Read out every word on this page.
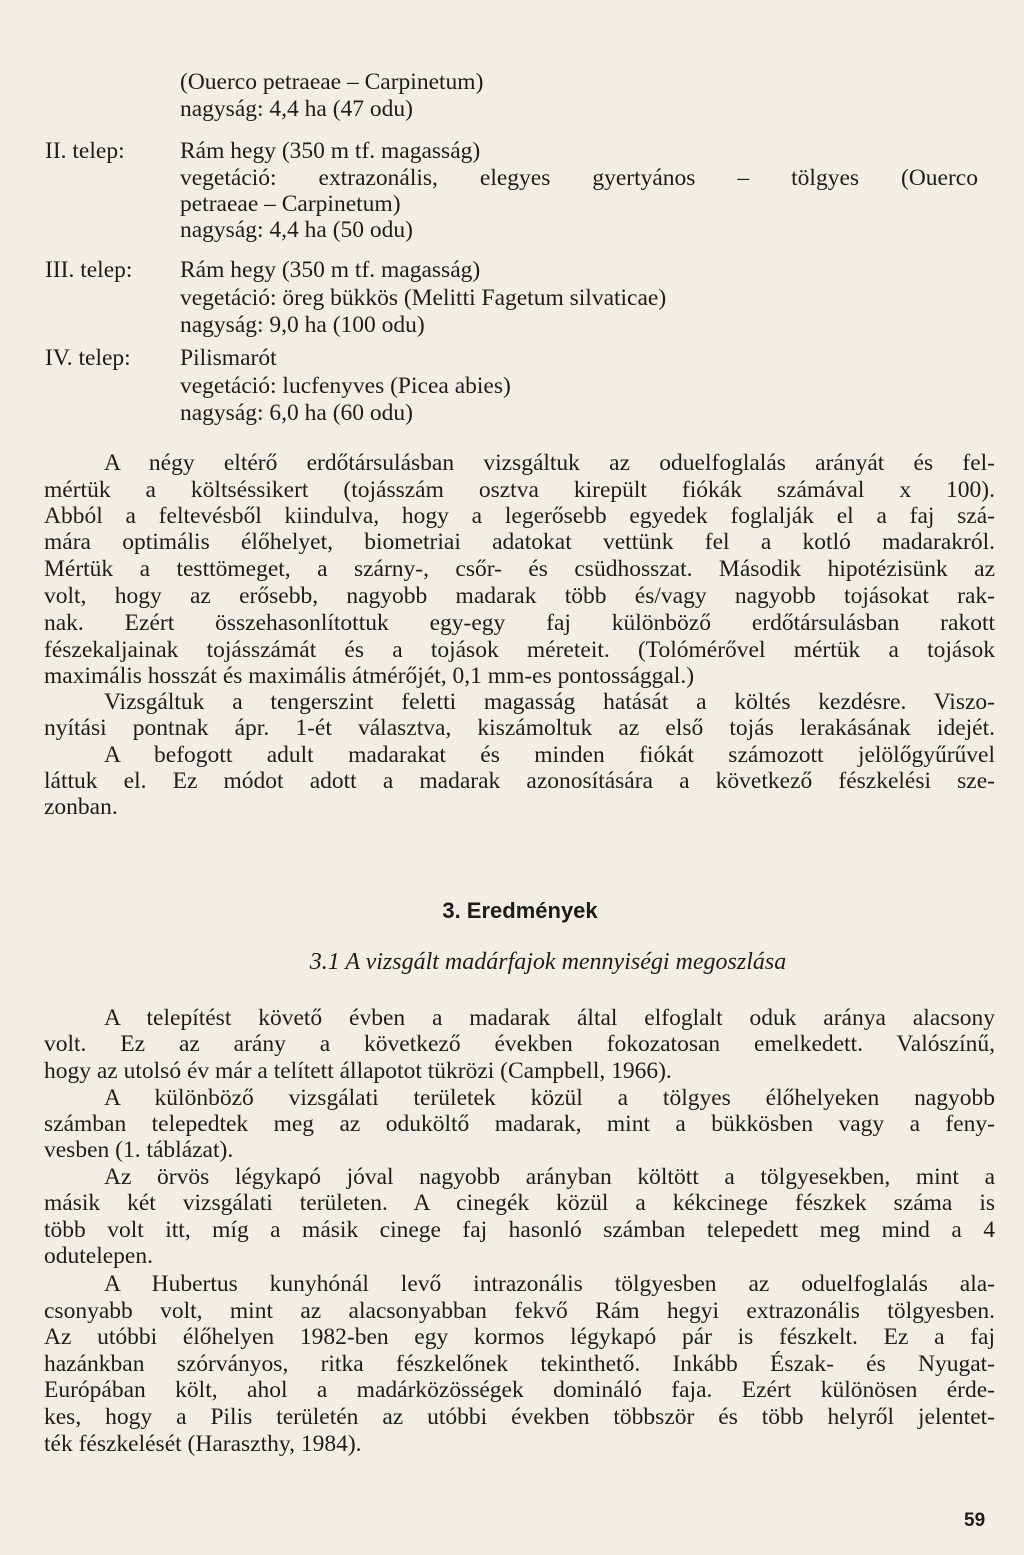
(Ouerco petraeae – Carpinetum)
nagyság: 4,4 ha (47 odu)
II. telep: Rám hegy (350 m tf. magasság)
vegetáció: extrazonális, elegyes gyertyános – tölgyes (Ouerco
petraeae – Carpinetum)
nagyság: 4,4 ha (50 odu)
III. telep: Rám hegy (350 m tf. magasság)
vegetáció: öreg bükkös (Melitti Fagetum silvaticae)
nagyság: 9,0 ha (100 odu)
IV. telep: Pilismarót
vegetáció: lucfenyves (Picea abies)
nagyság: 6,0 ha (60 odu)
A négy eltérő erdőtársulásban vizsgáltuk az oduelfoglalás arányát és fel-
mértük a költséssikert (tojásszám osztva kirepült fiókák számával x 100).
Abból a feltevésből kiindulva, hogy a legerősebb egyedek foglalják el a faj szá-
mára optimális élőhelyet, biometriai adatokat vettünk fel a kotló madarakról.
Mértük a testtömeget, a szárny-, csőr- és csüdhosszat. Második hipotézisünk az
volt, hogy az erősebb, nagyobb madarak több és/vagy nagyobb tojásokat rak-
nak. Ezért összehasonlítottuk egy-egy faj különböző erdőtársulásban rakott
fészekaljainak tojásszámát és a tojások méreteit. (Tolómérővel mértük a tojások
maximális hosszát és maximális átmérőjét, 0,1 mm-es pontossággal.)
Vizsgáltuk a tengerszint feletti magasság hatását a költés kezdésre. Viszo-
nyítási pontnak ápr. 1-ét választva, kiszámoltuk az első tojás lerakásának idejét.
A befogott adult madarakat és minden fiókát számozott jelölőgyűrűvel
láttuk el. Ez módot adott a madarak azonosítására a következő fészkelési sze-
zonban.
3. Eredmények
3.1 A vizsgált madárfajok mennyiségi megoszlása
A telepítést követő évben a madarak által elfoglalt oduk aránya alacsony
volt. Ez az arány a következő években fokozatosan emelkedett. Valószínű,
hogy az utolsó év már a telített állapotot tükrözi (Campbell, 1966).
A különböző vizsgálati területek közül a tölgyes élőhelyeken nagyobb
számban telepedtek meg az oduköltő madarak, mint a bükkösben vagy a feny-
vesben (1. táblázat).
Az örvös légykapó jóval nagyobb arányban költött a tölgyesekben, mint a
másik két vizsgálati területen. A cinegék közül a kékcinege fészkek száma is
több volt itt, míg a másik cinege faj hasonló számban telepedett meg mind a 4
odutelepen.
A Hubertus kunyhónál levő intrazonális tölgyesben az oduelfoglalás ala-
csonyabb volt, mint az alacsonyabban fekvő Rám hegyi extrazonális tölgyesben.
Az utóbbi élőhelyen 1982-ben egy kormos légykapó pár is fészkelt. Ez a faj
hazánkban szórványos, ritka fészkelőnek tekinthető. Inkább Észak- és Nyugat-
Európában költ, ahol a madárközösségek domináló faja. Ezért különösen érde-
kes, hogy a Pilis területén az utóbbi években többször és több helyről jelentet-
ték fészkelését (Haraszthy, 1984).
59
